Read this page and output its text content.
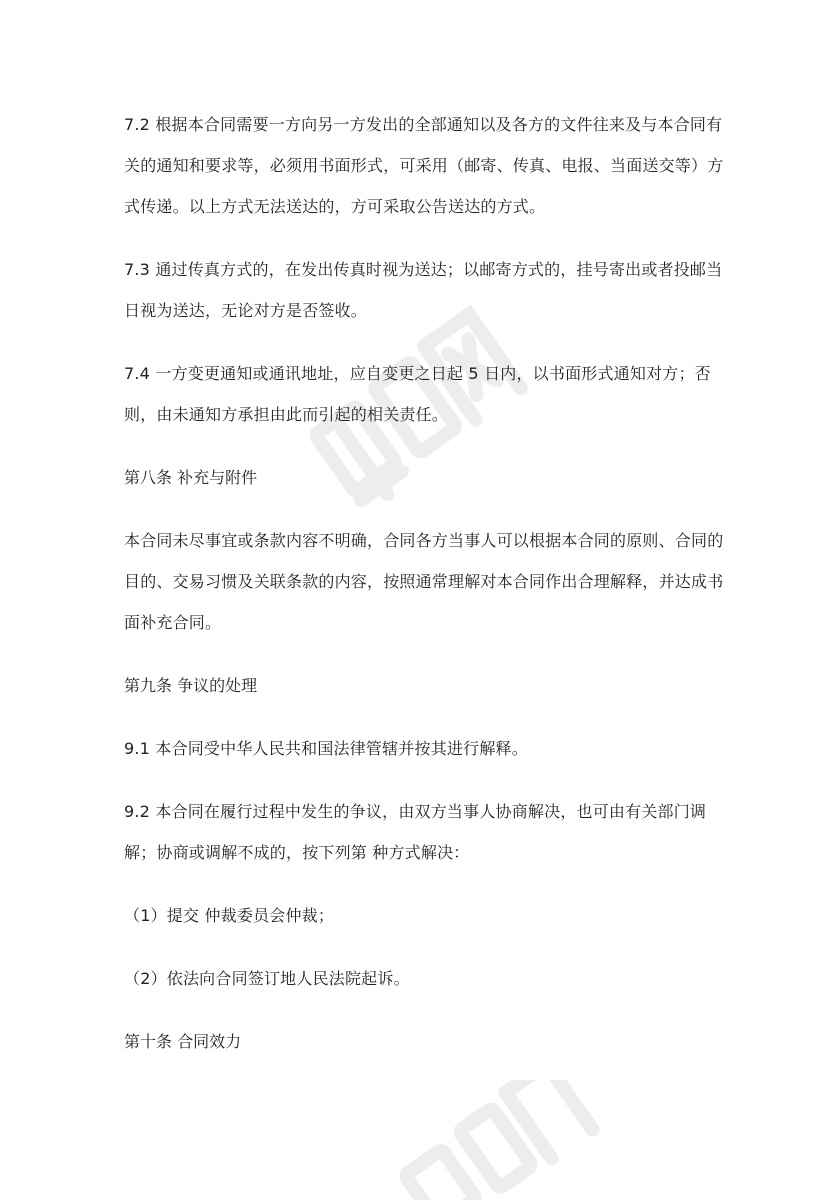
7.2 根据本合同需要一方向另一方发出的全部通知以及各方的文件往来及与本合同有关的通知和要求等，必须用书面形式，可采用（邮寄、传真、电报、当面送交等）方式传递。以上方式无法送达的，方可采取公告送达的方式。

7.3 通过传真方式的，在发出传真时视为送达；以邮寄方式的，挂号寄出或者投邮当日视为送达，无论对方是否签收。

7.4 一方变更通知或通讯地址，应自变更之日起 5 日内，以书面形式通知对方；否则，由未通知方承担由此而引起的相关责任。

第八条 补充与附件

本合同未尽事宜或条款内容不明确，合同各方当事人可以根据本合同的原则、合同的目的、交易习惯及关联条款的内容，按照通常理解对本合同作出合理解释，并达成书面补充合同。

第九条 争议的处理

9.1 本合同受中华人民共和国法律管辖并按其进行解释。

9.2 本合同在履行过程中发生的争议，由双方当事人协商解决，也可由有关部门调解；协商或调解不成的，按下列第 种方式解决：

（1）提交 仲裁委员会仲裁；

（2）依法向合同签订地人民法院起诉。

第十条 合同效力
